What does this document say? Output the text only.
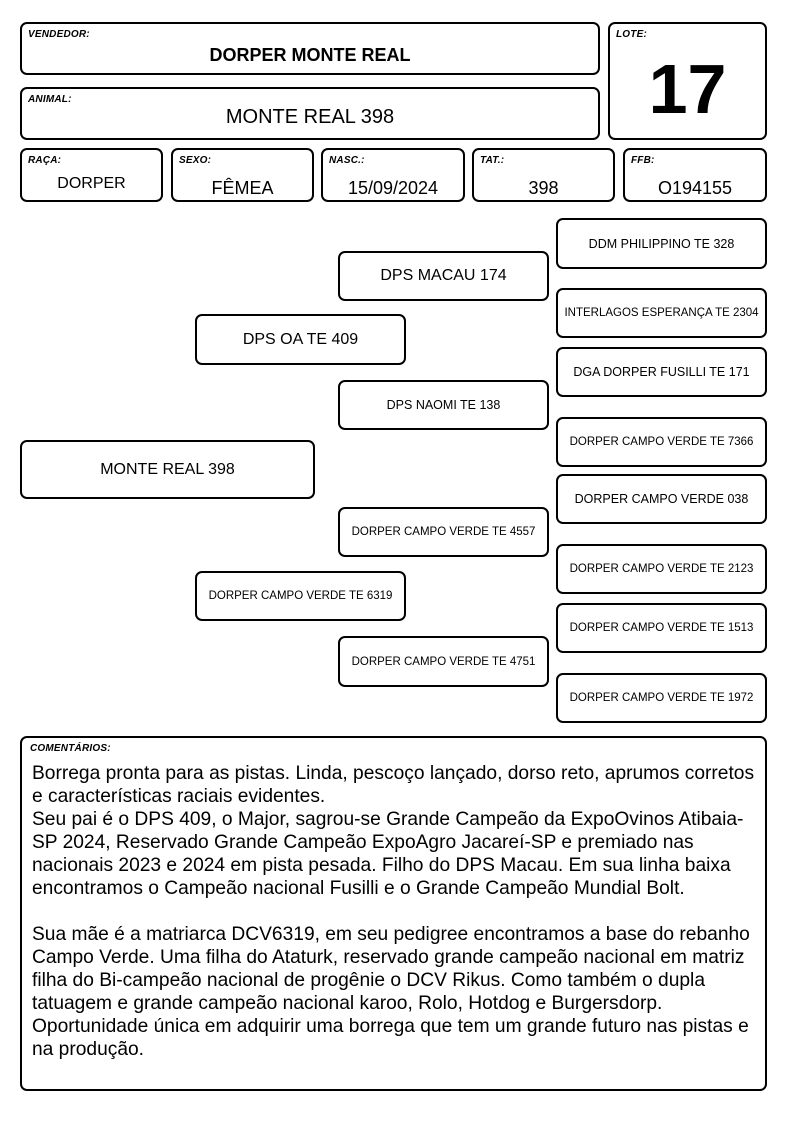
VENDEDOR:
DORPER MONTE REAL
ANIMAL:
MONTE REAL 398
LOTE:
17
RAÇA:
DORPER
SEXO:
FÊMEA
NASC.:
15/09/2024
TAT.:
398
FFB:
O194155
MONTE REAL 398
DPS OA TE 409
DORPER CAMPO VERDE TE 6319
DPS MACAU 174
DPS NAOMI TE 138
DORPER CAMPO VERDE TE 4557
DORPER CAMPO VERDE TE 4751
DDM PHILIPPINO TE 328
INTERLAGOS ESPERANÇA TE 2304
DGA DORPER FUSILLI TE 171
DORPER CAMPO VERDE TE 7366
DORPER CAMPO VERDE 038
DORPER CAMPO VERDE TE 2123
DORPER CAMPO VERDE TE 1513
DORPER CAMPO VERDE TE 1972
COMENTÁRIOS:
Borrega pronta para as pistas. Linda, pescoço lançado, dorso reto, aprumos corretos e características raciais evidentes.
Seu pai é o DPS 409, o Major, sagrou-se Grande Campeão da ExpoOvinos Atibaia-SP 2024, Reservado Grande Campeão ExpoAgro Jacareí-SP e premiado nas nacionais 2023 e 2024 em pista pesada. Filho do DPS Macau. Em sua linha baixa encontramos o Campeão nacional Fusilli e o Grande Campeão Mundial Bolt.

Sua mãe é a matriarca DCV6319, em seu pedigree encontramos a base do rebanho Campo Verde. Uma filha do Ataturk, reservado grande campeão nacional em matriz filha do Bi-campeão nacional de progênie o DCV Rikus. Como também o dupla tatuagem e grande campeão nacional karoo, Rolo, Hotdog e Burgersdorp. Oportunidade única em adquirir uma borrega que tem um grande futuro nas pistas e na produção.
